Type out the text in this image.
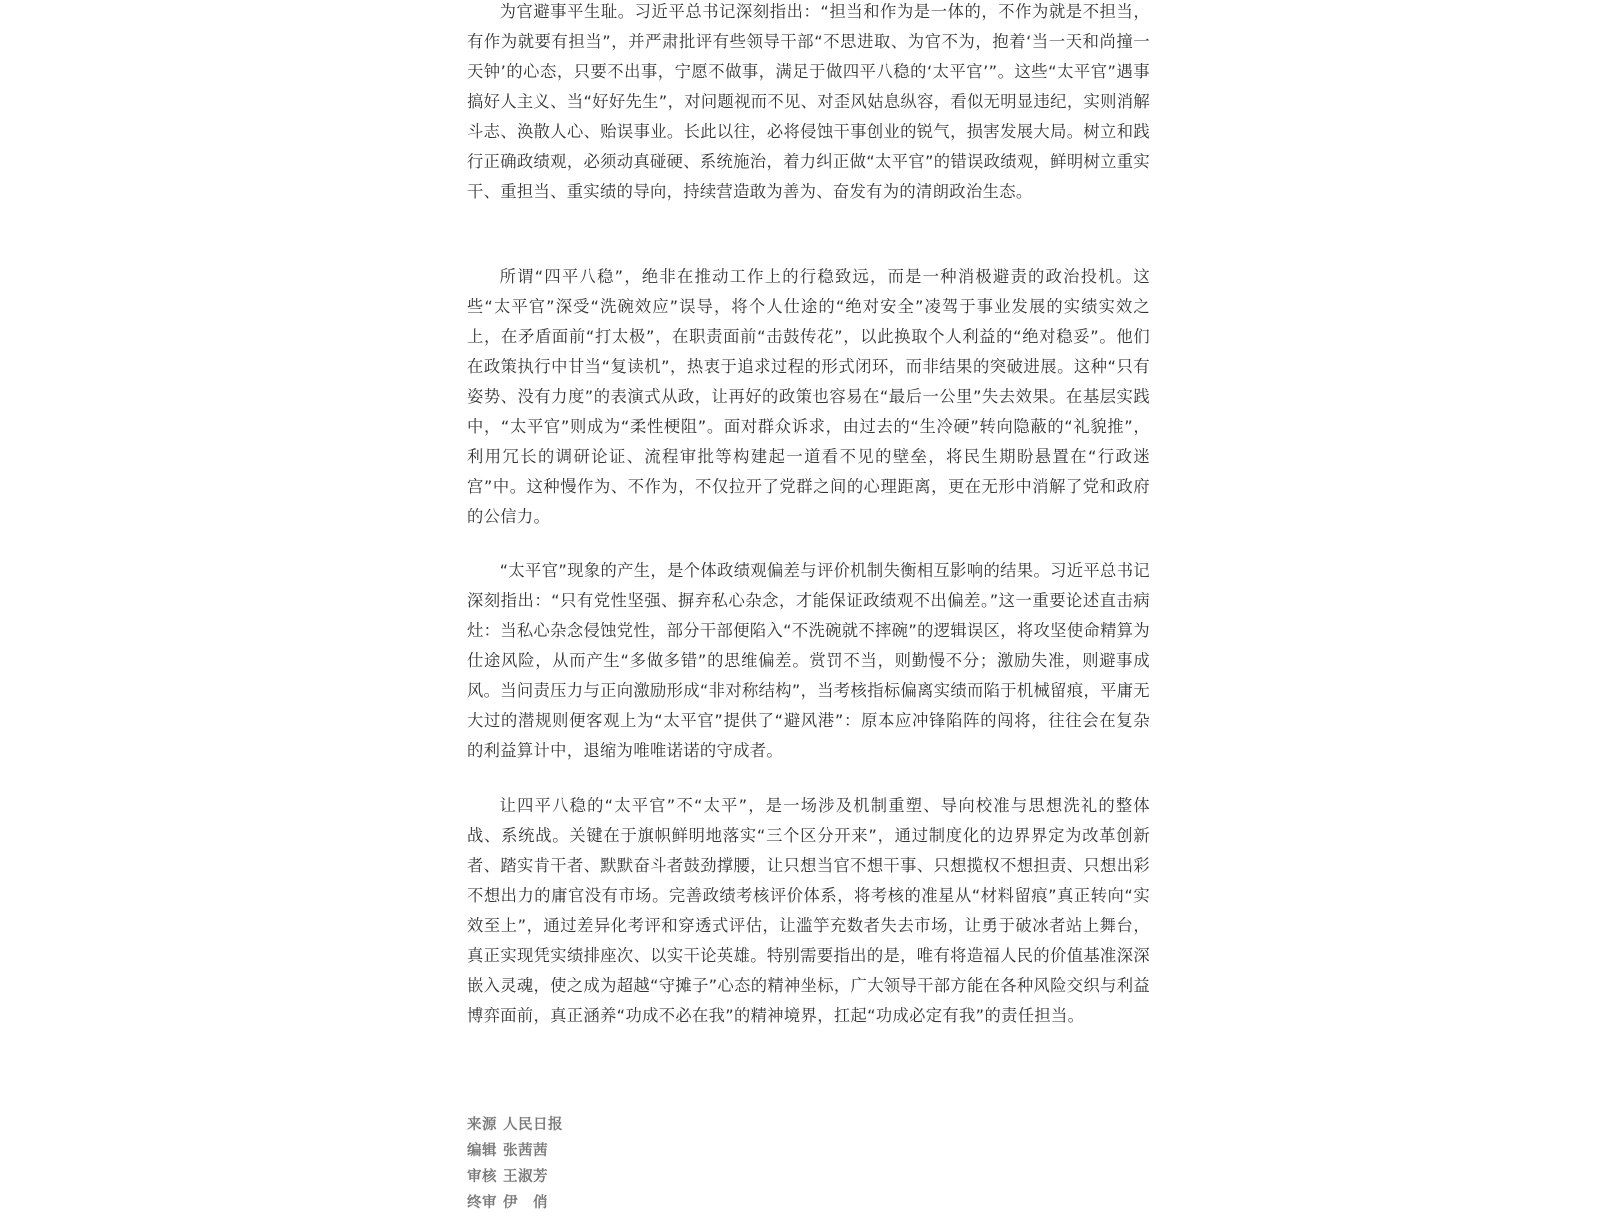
为官避事平生耻。习近平总书记深刻指出：“担当和作为是一体的，不作为就是不担当，有作为就要有担当”，并严肃批评有些领导干部“不思进取、为官不为，抱着‘当一天和尚撞一天钟’的心态，只要不出事，宁愿不做事，满足于做四平八稳的‘太平官’”。这些“太平官”遇事搞好人主义、当“好好先生”，对问题视而不见、对歪风姑息纵容，看似无明显违纪，实则消解斗志、涣散人心、贻误事业。长此以往，必将侵蚀干事创业的锐气，损害发展大局。树立和践行正确政绩观，必须动真碰硬、系统施治，着力纠正做“太平官”的错误政绩观，鲜明树立重实干、重担当、重实绩的导向，持续营造敢为善为、奋发有为的清朗政治生态。

所谓“四平八稳”，绝非在推动工作上的行稳致远，而是一种消极避责的政治投机。这些“太平官”深受“洗碗效应”误导，将个人仕途的“绝对安全”凌驾于事业发展的实绩实效之上，在矛盾面前“打太极”，在职责面前“击鼓传花”，以此换取个人利益的“绝对稳妥”。他们在政策执行中甘当“复读机”，热衷于追求过程的形式闭环，而非结果的突破进展。这种“只有姿势、没有力度”的表演式从政，让再好的政策也容易在“最后一公里”失去效果。在基层实践中，“太平官”则成为“柔性梗阻”。面对群众诉求，由过去的“生冷硬”转向隐蔽的“礼貌推”，利用冗长的调研论证、流程审批等构建起一道看不见的壁垒，将民生期盼悬置在“行政迷宫”中。这种慢作为、不作为，不仅拉开了党群之间的心理距离，更在无形中消解了党和政府的公信力。

“太平官”现象的产生，是个体政绩观偏差与评价机制失衡相互影响的结果。习近平总书记深刻指出：“只有党性坚强、摒弃私心杂念，才能保证政绩观不出偏差。”这一重要论述直击病灶：当私心杂念侵蚀党性，部分干部便陷入“不洗碗就不摔碗”的逻辑误区，将攻坚使命精算为仕途风险，从而产生“多做多错”的思维偏差。赏罚不当，则勤慢不分；激励失准，则避事成风。当问责压力与正向激励形成“非对称结构”，当考核指标偏离实绩而陷于机械留痕，平庸无大过的潜规则便客观上为“太平官”提供了“避风港”：原本应冲锋陷阵的闯将，往往会在复杂的利益算计中，退缩为唯唯诺诺的守成者。

让四平八稳的“太平官”不“太平”，是一场涉及机制重塑、导向校准与思想洗礼的整体战、系统战。关键在于旗帜鲜明地落实“三个区分开来”，通过制度化的边界界定为改革创新者、踏实肯干者、默默奋斗者鼓劲撑腰，让只想当官不想干事、只想揽权不想担责、只想出彩不想出力的庸官没有市场。完善政绩考核评价体系，将考核的准星从“材料留痕”真正转向“实效至上”，通过差异化考评和穿透式评估，让滥竽充数者失去市场，让勇于破冰者站上舞台，真正实现凭实绩排座次、以实干论英雄。特别需要指出的是，唯有将造福人民的价值基准深深嵌入灵魂，使之成为超越“守摊子”心态的精神坐标，广大领导干部方能在各种风险交织与利益博弈面前，真正涵养“功成不必在我”的精神境界，扛起“功成必定有我”的责任担当。

来源 人民日报
编辑 张茜茜
审核 王淑芳
终审 伊　俏
